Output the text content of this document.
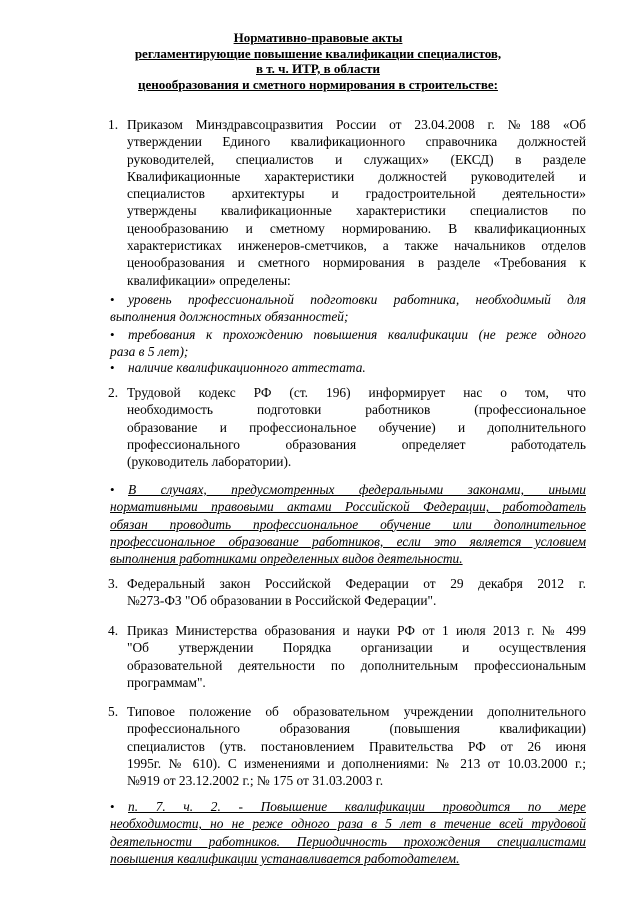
Нормативно-правовые акты
регламентирующие повышение квалификации специалистов,
в т. ч. ИТР, в области
ценообразования и сметного нормирования в строительстве:
1. Приказом Минздравсоцразвития России от 23.04.2008 г. №188 «Об
утверждении Единого квалификационного справочника должностей
руководителей, специалистов и служащих» (ЕКСД) в разделе
Квалификационные характеристики должностей руководителей и
специалистов архитектуры и градостроительной деятельности»
утверждены квалификационные характеристики специалистов по
ценообразованию и сметному нормированию. В квалификационных
характеристиках инженеров-сметчиков, а также начальников отделов
ценообразования и сметного нормирования в разделе «Требования к
квалификации» определены:
• уровень профессиональной подготовки работника, необходимый для
выполнения должностных обязанностей;
• требования к прохождению повышения квалификации (не реже одного
раза в 5 лет);
• наличие квалификационного аттестата.
2. Трудовой кодекс РФ (ст. 196) информирует нас о том, что
необходимость подготовки работников (профессиональное
образование и профессиональное обучение) и дополнительного
профессионального образования определяет работодатель
(руководитель лаборатории).
• В случаях, предусмотренных федеральными законами, иными
нормативными правовыми актами Российской Федерации, работодатель
обязан проводить профессиональное обучение или дополнительное
профессиональное образование работников, если это является условием
выполнения работниками определенных видов деятельности.
3. Федеральный закон Российской Федерации от 29 декабря 2012 г.
№273-ФЗ "Об образовании в Российской Федерации".
4. Приказ Министерства образования и науки РФ от 1 июля 2013 г. № 499
"Об утверждении Порядка организации и осуществления
образовательной деятельности по дополнительным профессиональным
программам".
5. Типовое положение об образовательном учреждении дополнительного
профессионального образования (повышения квалификации)
специалистов (утв. постановлением Правительства РФ от 26 июня
1995г. № 610). С изменениями и дополнениями: № 213 от 10.03.2000 г.;
№919 от 23.12.2002 г.; № 175 от 31.03.2003 г.
• п. 7. ч. 2. - Повышение квалификации проводится по мере
необходимости, но не реже одного раза в 5 лет в течение всей трудовой
деятельности работников. Периодичность прохождения специалистами
повышения квалификации устанавливается работодателем.
